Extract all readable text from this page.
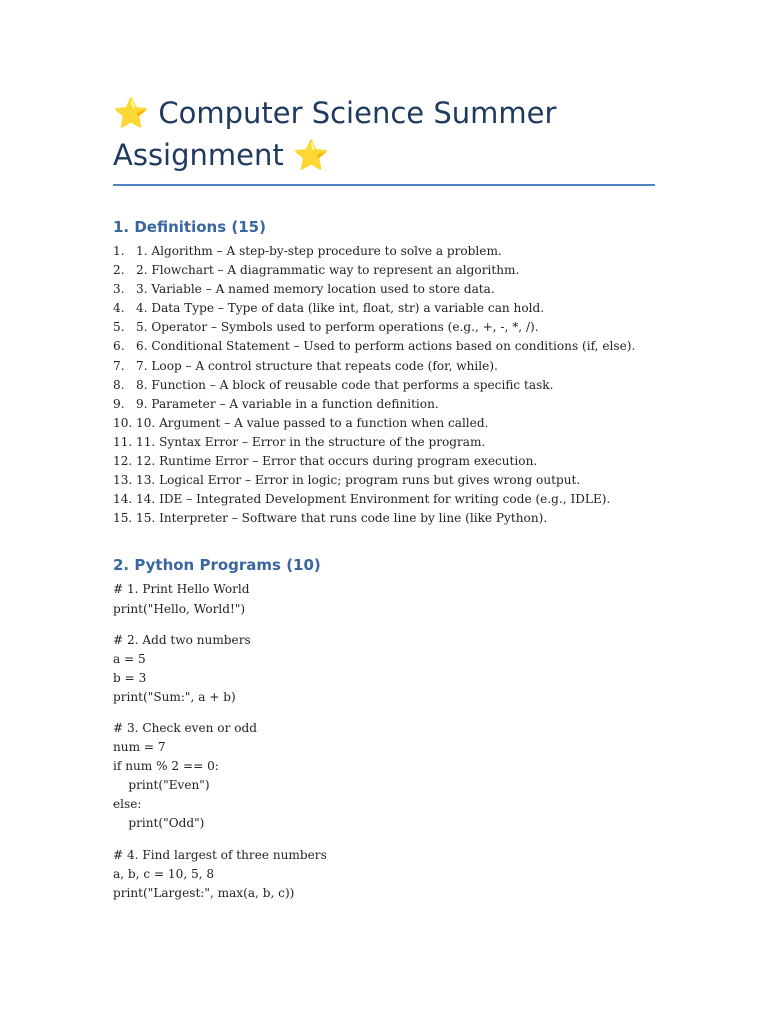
⭐ Computer Science Summer Assignment ⭐
1. Definitions (15)
1. 1. Algorithm – A step-by-step procedure to solve a problem.
2. 2. Flowchart – A diagrammatic way to represent an algorithm.
3. 3. Variable – A named memory location used to store data.
4. 4. Data Type – Type of data (like int, float, str) a variable can hold.
5. 5. Operator – Symbols used to perform operations (e.g., +, -, *, /).
6. 6. Conditional Statement – Used to perform actions based on conditions (if, else).
7. 7. Loop – A control structure that repeats code (for, while).
8. 8. Function – A block of reusable code that performs a specific task.
9. 9. Parameter – A variable in a function definition.
10. 10. Argument – A value passed to a function when called.
11. 11. Syntax Error – Error in the structure of the program.
12. 12. Runtime Error – Error that occurs during program execution.
13. 13. Logical Error – Error in logic; program runs but gives wrong output.
14. 14. IDE – Integrated Development Environment for writing code (e.g., IDLE).
15. 15. Interpreter – Software that runs code line by line (like Python).
2. Python Programs (10)

# 1. Print Hello World

print("Hello, World!")

# 2. Add two numbers

a = 5

b = 3

print("Sum:", a + b)

# 3. Check even or odd

num = 7

if num % 2 == 0:

print("Even")

else:

print("Odd")

# 4. Find largest of three numbers

a, b, c = 10, 5, 8

print("Largest:", max(a, b, c))
